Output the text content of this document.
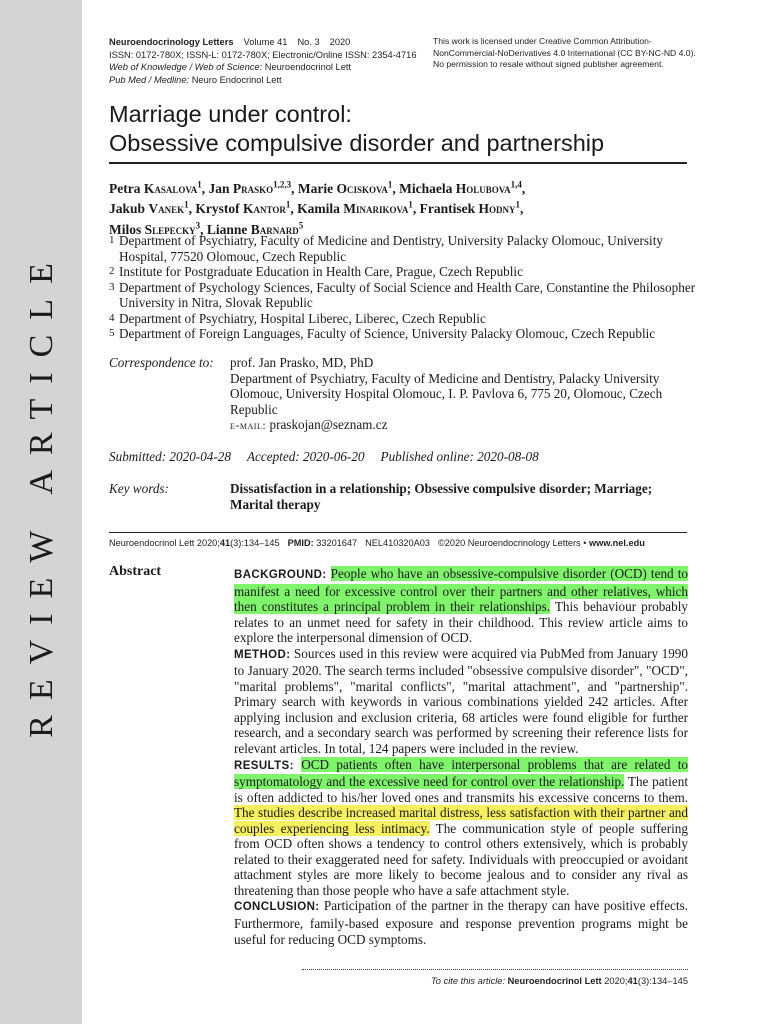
REVIEW ARTICLE
Neuroendocrinology Letters Volume 41 No. 3 2020
ISSN: 0172-780X; ISSN-L: 0172-780X; Electronic/Online ISSN: 2354-4716
Web of Knowledge / Web of Science: Neuroendocrinol Lett
Pub Med / Medline: Neuro Endocrinol Lett
This work is licensed under Creative Common Attribution-
NonCommercial-NoDerivatives 4.0 International (CC BY-NC-ND 4.0).
No permission to resale without signed publisher agreement.
Marriage under control:
Obsessive compulsive disorder and partnership
Petra Kasalova$^1$, Jan Prasko$^{1,2,3}$, Marie Ociskova$^1$, Michaela Holubova$^{1,4}$,
Jakub Vanek$^1$, Krystof Kantor$^1$, Kamila Minarikova$^1$, Frantisek Hodny$^1$,
Milos Slepecky$^3$, Lianne Barnard$^5$
1 Department of Psychiatry, Faculty of Medicine and Dentistry, University Palacky Olomouc, University Hospital, 77520 Olomouc, Czech Republic
2 Institute for Postgraduate Education in Health Care, Prague, Czech Republic
3 Department of Psychology Sciences, Faculty of Social Science and Health Care, Constantine the Philosopher University in Nitra, Slovak Republic
4 Department of Psychiatry, Hospital Liberec, Liberec, Czech Republic
5 Department of Foreign Languages, Faculty of Science, University Palacky Olomouc, Czech Republic
Correspondence to: prof. Jan Prasko, MD, PhD
Department of Psychiatry, Faculty of Medicine and Dentistry, Palacky University Olomouc, University Hospital Olomouc, I. P. Pavlova 6, 775 20, Olomouc, Czech Republic
e-mail: praskojan@seznam.cz
Submitted: 2020-04-28 Accepted: 2020-06-20 Published online: 2020-08-08
Key words:	Dissatisfaction in a relationship; Obsessive compulsive disorder; Marriage; Marital therapy
Neuroendocrinol Lett 2020;41(3):134–145 PMID: 33201647 NEL410320A03 ©2020 Neuroendocrinology Letters • www.nel.edu
Abstract	BACKGROUND: People who have an obsessive-compulsive disorder (OCD) tend to manifest a need for excessive control over their partners and other relatives, which then constitutes a principal problem in their relationships. This behaviour probably relates to an unmet need for safety in their childhood. This review article aims to explore the interpersonal dimension of OCD.
METHOD: Sources used in this review were acquired via PubMed from January 1990 to January 2020. The search terms included "obsessive compulsive disorder", "OCD", "marital problems", "marital conflicts", "marital attachment", and "partnership". Primary search with keywords in various combinations yielded 242 articles. After applying inclusion and exclusion criteria, 68 articles were found eligible for further research, and a secondary search was performed by screening their reference lists for relevant articles. In total, 124 papers were included in the review.
RESULTS: OCD patients often have interpersonal problems that are related to symptomatology and the excessive need for control over the relationship. The patient is often addicted to his/her loved ones and transmits his excessive concerns to them. The studies describe increased marital distress, less satisfaction with their partner and couples experiencing less intimacy. The communication style of people suffering from OCD often shows a tendency to control others extensively, which is probably related to their exaggerated need for safety. Individuals with preoccupied or avoidant attachment styles are more likely to become jealous and to consider any rival as threatening than those people who have a safe attachment style.
CONCLUSION: Participation of the partner in the therapy can have positive effects. Furthermore, family-based exposure and response prevention programs might be useful for reducing OCD symptoms.
To cite this article: Neuroendocrinol Lett 2020;41(3):134–145
